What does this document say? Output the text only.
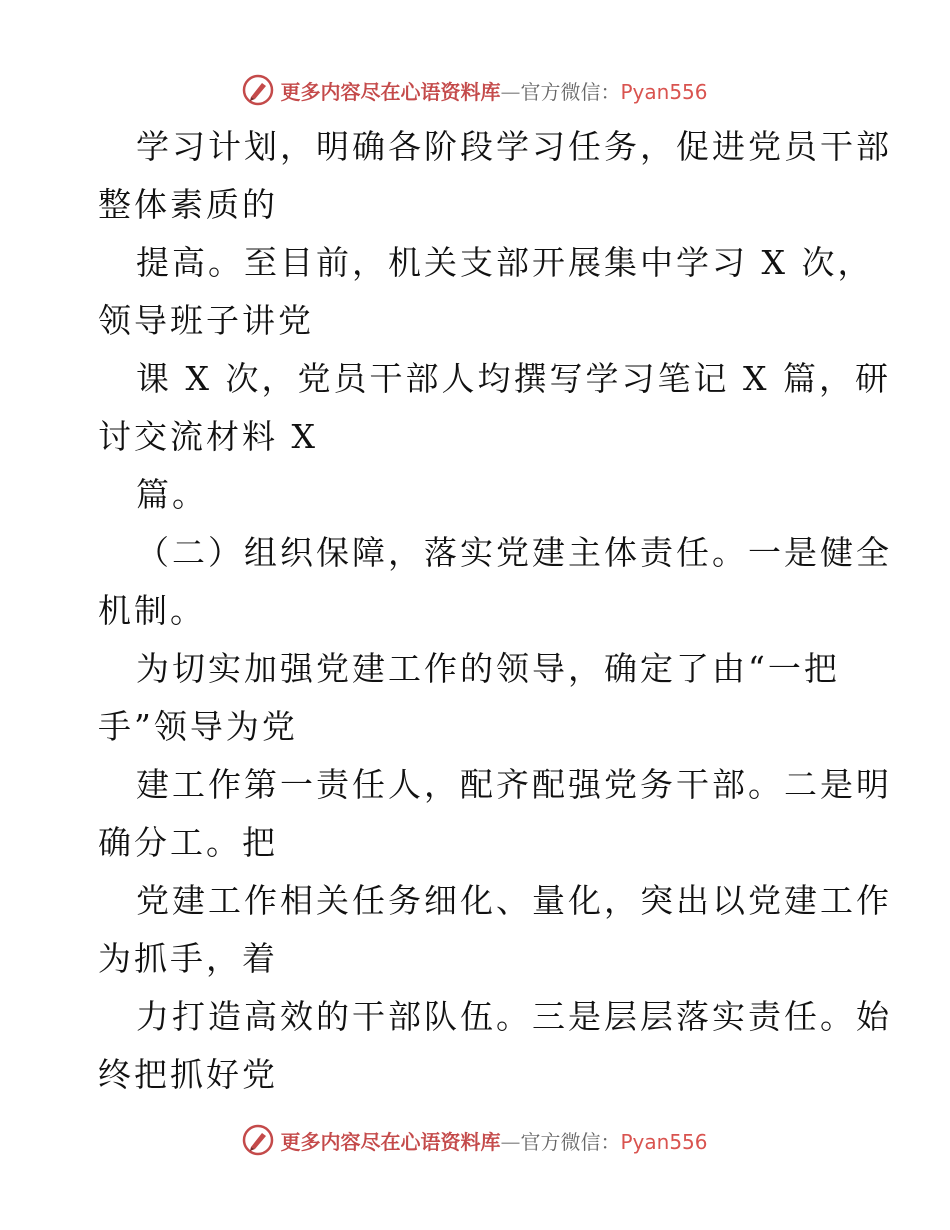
更多内容尽在心语资料库—官方微信：Pyan556
学习计划，明确各阶段学习任务，促进党员干部
整体素质的
提高。至目前，机关支部开展集中学习 X 次，
领导班子讲党
课 X 次，党员干部人均撰写学习笔记 X 篇，研
讨交流材料 X
篇。
（二）组织保障，落实党建主体责任。一是健全
机制。
为切实加强党建工作的领导，确定了由“一把
手”领导为党
建工作第一责任人，配齐配强党务干部。二是明
确分工。把
党建工作相关任务细化、量化，突出以党建工作
为抓手，着
力打造高效的干部队伍。三是层层落实责任。始
终把抓好党
更多内容尽在心语资料库—官方微信：Pyan556
